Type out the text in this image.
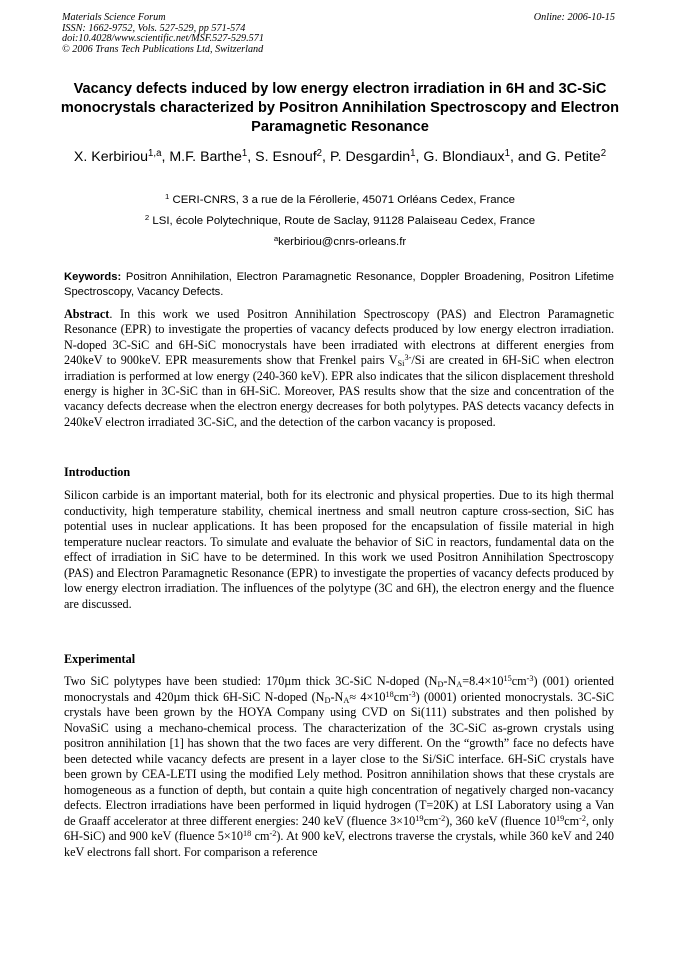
Materials Science Forum
ISSN: 1662-9752, Vols. 527-529, pp 571-574
doi:10.4028/www.scientific.net/MSF.527-529.571
© 2006 Trans Tech Publications Ltd, Switzerland
Online: 2006-10-15
Vacancy defects induced by low energy electron irradiation in 6H and 3C-SiC monocrystals characterized by Positron Annihilation Spectroscopy and Electron Paramagnetic Resonance
X. Kerbiriou$^{1,a}$, M.F. Barthe$^1$, S. Esnouf$^2$, P. Desgardin$^1$, G. Blondiaux$^1$, and G. Petite$^2$
$^1$ CERI-CNRS, 3 a rue de la Férollerie, 45071 Orléans Cedex, France
$^2$ LSI, école Polytechnique, Route de Saclay, 91128 Palaiseau Cedex, France
$^a$kerbiriou@cnrs-orleans.fr
Keywords: Positron Annihilation, Electron Paramagnetic Resonance, Doppler Broadening, Positron Lifetime Spectroscopy, Vacancy Defects.
Abstract. In this work we used Positron Annihilation Spectroscopy (PAS) and Electron Paramagnetic Resonance (EPR) to investigate the properties of vacancy defects produced by low energy electron irradiation. N-doped 3C-SiC and 6H-SiC monocrystals have been irradiated with electrons at different energies from 240keV to 900keV. EPR measurements show that Frenkel pairs $V_{Si}^{3-}/Si$ are created in 6H-SiC when electron irradiation is performed at low energy (240-360 keV). EPR also indicates that the silicon displacement threshold energy is higher in 3C-SiC than in 6H-SiC. Moreover, PAS results show that the size and concentration of the vacancy defects decrease when the electron energy decreases for both polytypes. PAS detects vacancy defects in 240keV electron irradiated 3C-SiC, and the detection of the carbon vacancy is proposed.
Introduction
Silicon carbide is an important material, both for its electronic and physical properties. Due to its high thermal conductivity, high temperature stability, chemical inertness and small neutron capture cross-section, SiC has potential uses in nuclear applications. It has been proposed for the encapsulation of fissile material in high temperature nuclear reactors. To simulate and evaluate the behavior of SiC in reactors, fundamental data on the effect of irradiation in SiC have to be determined. In this work we used Positron Annihilation Spectroscopy (PAS) and Electron Paramagnetic Resonance (EPR) to investigate the properties of vacancy defects produced by low energy electron irradiation. The influences of the polytype (3C and 6H), the electron energy and the fluence are discussed.
Experimental
Two SiC polytypes have been studied: 170µm thick 3C-SiC N-doped $(N_D-N_A=8.4\times 10^{15}cm^{-3})$ (001) oriented monocrystals and 420µm thick 6H-SiC N-doped $(N_D-N_A\approx 4\times 10^{18}cm^{-3})$ (0001) oriented monocrystals. 3C-SiC crystals have been grown by the HOYA Company using CVD on Si(111) substrates and then polished by NovaSiC using a mechano-chemical process. The characterization of the 3C-SiC as-grown crystals using positron annihilation [1] has shown that the two faces are very different. On the “growth” face no defects have been detected while vacancy defects are present in a layer close to the Si/SiC interface. 6H-SiC crystals have been grown by CEA-LETI using the modified Lely method. Positron annihilation shows that these crystals are homogeneous as a function of depth, but contain a quite high concentration of negatively charged non-vacancy defects. Electron irradiations have been performed in liquid hydrogen (T=20K) at LSI Laboratory using a Van de Graaff accelerator at three different energies: 240 keV (fluence $3\times 10^{19}cm^{-2}$), 360 keV (fluence $10^{19}cm^{-2}$, only 6H-SiC) and 900 keV (fluence $5\times 10^{18}$ $cm^{-2}$). At 900 keV, electrons traverse the crystals, while 360 keV and 240 keV electrons fall short. For comparison a reference
